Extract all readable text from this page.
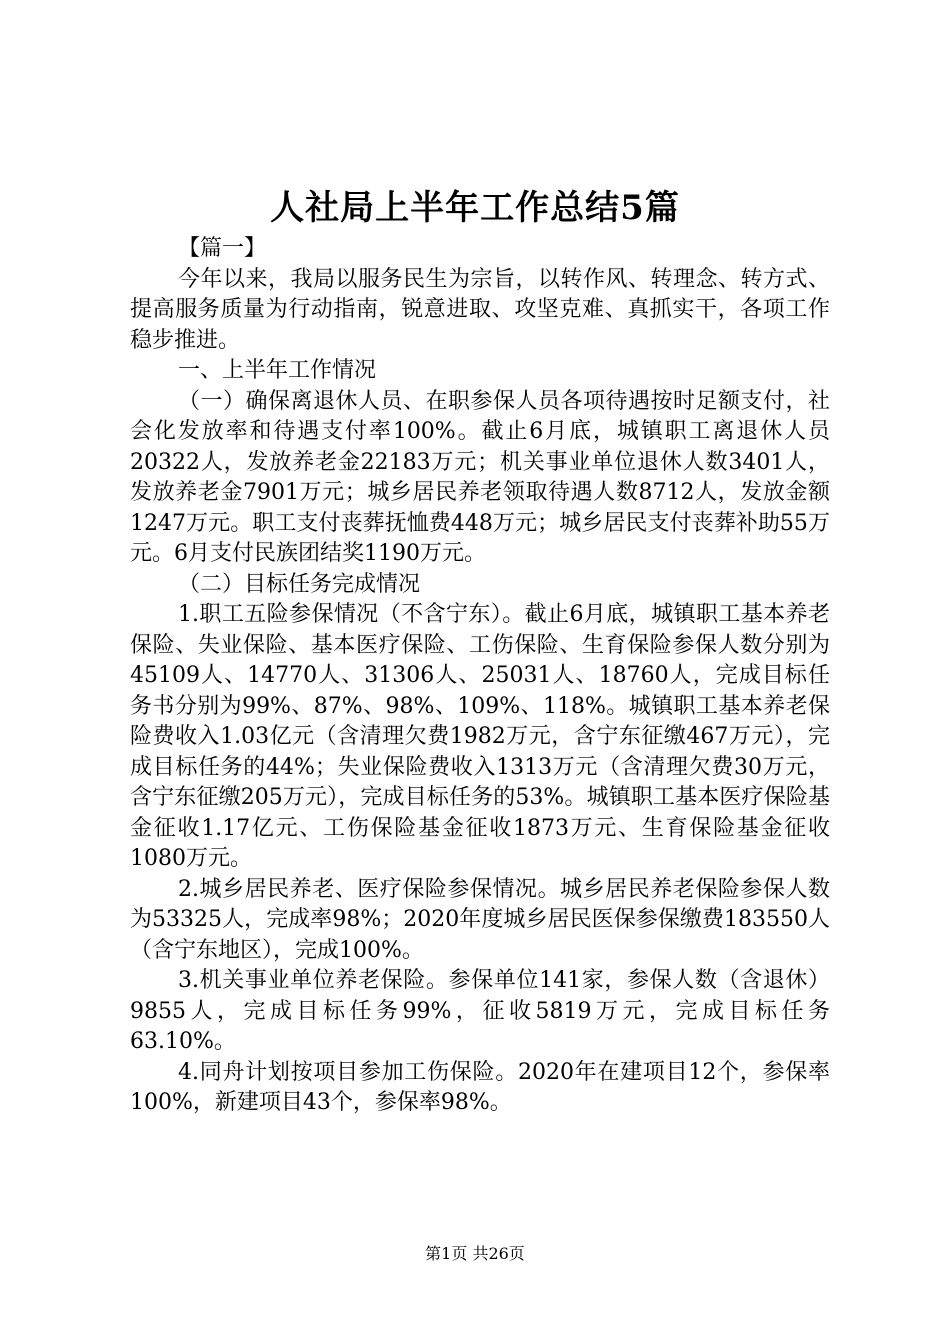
人社局上半年工作总结5篇

【篇一】

今年以来，我局以服务民生为宗旨，以转作风、转理念、转方式、提高服务质量为行动指南，锐意进取、攻坚克难、真抓实干，各项工作稳步推进。

一、上半年工作情况

（一）确保离退休人员、在职参保人员各项待遇按时足额支付，社会化发放率和待遇支付率100%。截止6月底，城镇职工离退休人员20322人，发放养老金22183万元；机关事业单位退休人数3401人，发放养老金7901万元；城乡居民养老领取待遇人数8712人，发放金额1247万元。职工支付丧葬抚恤费448万元；城乡居民支付丧葬补助55万元。6月支付民族团结奖1190万元。

（二）目标任务完成情况

1.职工五险参保情况（不含宁东）。截止6月底，城镇职工基本养老保险、失业保险、基本医疗保险、工伤保险、生育保险参保人数分别为45109人、14770人、31306人、25031人、18760人，完成目标任务书分别为99%、87%、98%、109%、118%。城镇职工基本养老保险费收入1.03亿元（含清理欠费1982万元，含宁东征缴467万元），完成目标任务的44%；失业保险费收入1313万元（含清理欠费30万元，含宁东征缴205万元），完成目标任务的53%。城镇职工基本医疗保险基金征收1.17亿元、工伤保险基金征收1873万元、生育保险基金征收1080万元。

2.城乡居民养老、医疗保险参保情况。城乡居民养老保险参保人数为53325人，完成率98%；2020年度城乡居民医保参保缴费183550人（含宁东地区），完成100%。

3.机关事业单位养老保险。参保单位141家，参保人数（含退休）9855人，完成目标任务99%，征收5819万元，完成目标任务63.10%。

4.同舟计划按项目参加工伤保险。2020年在建项目12个，参保率100%，新建项目43个，参保率98%。

第1页 共26页
